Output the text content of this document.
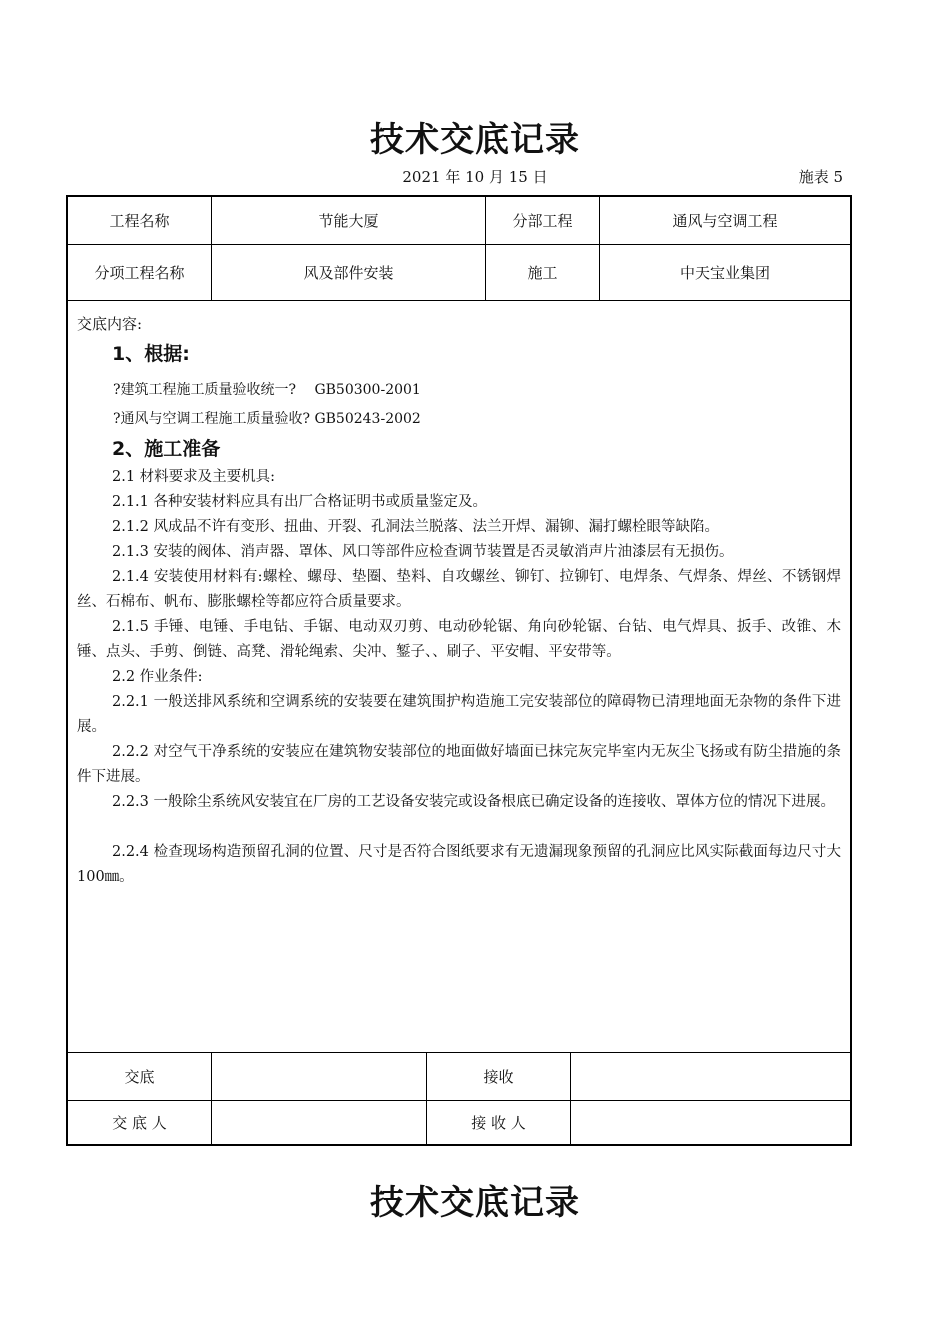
技术交底记录
2021 年 10 月 15 日	施表 5
工程名称	节能大厦	分部工程	通风与空调工程
分项工程名称	风及部件安装	施工	中天宝业集团
交底内容:
1、根据:
?建筑工程施工质量验收统一?　 GB50300-2001
?通风与空调工程施工质量验收? GB50243-2002
2、施工准备
2.1 材料要求及主要机具:
2.1.1 各种安装材料应具有出厂合格证明书或质量鉴定及。
2.1.2 风成品不许有变形、扭曲、开裂、孔洞法兰脱落、法兰开焊、漏铆、漏打螺栓眼等缺陷。
2.1.3 安装的阀体、消声器、罩体、风口等部件应检查调节装置是否灵敏消声片油漆层有无损伤。
2.1.4 安装使用材料有:螺栓、螺母、垫圈、垫料、自攻螺丝、铆钉、拉铆钉、电焊条、气焊条、焊丝、不锈钢焊丝、石棉布、帆布、膨胀螺栓等都应符合质量要求。
2.1.5 手锤、电锤、手电钻、手锯、电动双刃剪、电动砂轮锯、角向砂轮锯、台钻、电气焊具、扳手、改锥、木锤、点头、手剪、倒链、高凳、滑轮绳索、尖冲、錾子、、刷子、平安帽、平安带等。
2.2 作业条件:
2.2.1 一般送排风系统和空调系统的安装要在建筑围护构造施工完安装部位的障碍物已清理地面无杂物的条件下进展。
2.2.2 对空气干净系统的安装应在建筑物安装部位的地面做好墙面已抹完灰完毕室内无灰尘飞扬或有防尘措施的条件下进展。
2.2.3 一般除尘系统风安装宜在厂房的工艺设备安装完或设备根底已确定设备的连接收、罩体方位的情况下进展。
2.2.4 检查现场构造预留孔洞的位置、尺寸是否符合图纸要求有无遗漏现象预留的孔洞应比风实际截面每边尺寸大 100㎜。
交底	接收
交 底 人	接 收 人
技术交底记录
